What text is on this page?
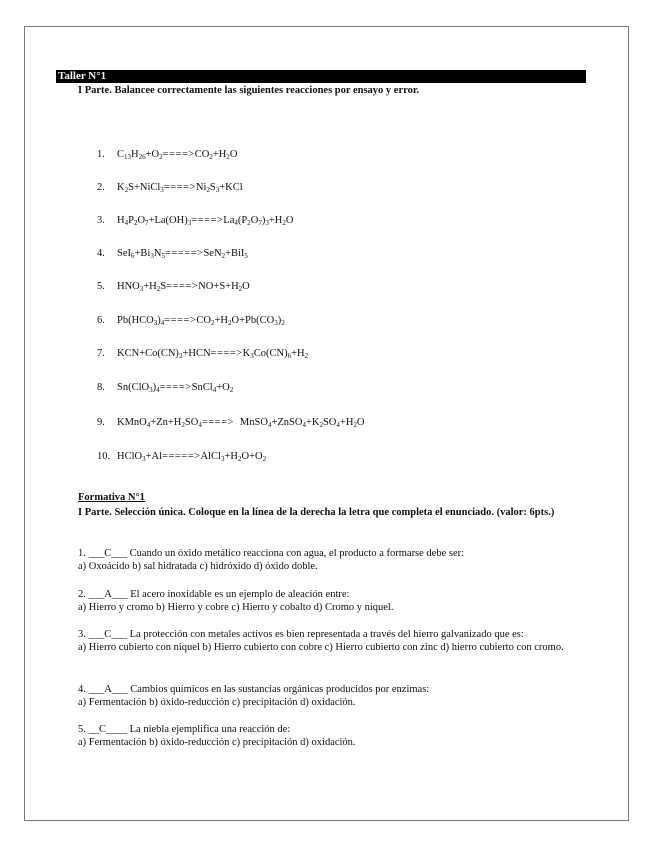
Taller N°1
I Parte. Balancee correctamente las siguientes reacciones por ensayo y error.
1. $C_{13}H_{26}+O_2====>CO_2+H_2O$
2. $K_2S+NiCl_3====>Ni_2S_3+KCl$
3. $H_4P_2O_7+La(OH)_3====>La_4(P_2O_7)_3+H_2O$
4. $SeI_6+Bi_3N_5=====>SeN_2+BiI_5$
5. $HNO_3+H_2S====>NO+S+H_2O$
6. $Pb(HCO_3)_4====>CO_2+H_2O+Pb(CO_3)_2$
7. $KCN+Co(CN)_2+HCN====>K_3Co(CN)_6+H_2$
8. $Sn(ClO_3)_4====>SnCl_4+O_2$
9. $KMnO_4+Zn+H_2SO_4====>$ $MnSO_4+ZnSO_4+K_2SO_4+H_2O$
10. $HClO_3+Al=====>AlCl_3+H_2O+O_2$
Formativa N°1
I Parte. Selección única. Coloque en la línea de la derecha la letra que completa el enunciado. (valor: 6pts.)
1. ___C___ Cuando un óxido metálico reacciona con agua, el producto a formarse debe ser:
a) Oxoácido b) sal hidratada c) hidróxido d) óxido doble.
2. ___A___ El acero inoxidable es un ejemplo de aleación entre:
a) Hierro y cromo b) Hierro y cobre c) Hierro y cobalto d) Cromo y níquel.
3. ___C___ La protección con metales activos es bien representada a través del hierro galvanizado que es:
a) Hierro cubierto con níquel b) Hierro cubierto con cobre c) Hierro cubierto con zinc d) hierro cubierto con cromo.
4. ___A___ Cambios químicos en las sustancias orgánicas producidos por enzimas:
a) Fermentación b) óxido-reducción c) precipitación d) oxidación.
5. __C____ La niebla ejemplifica una reacción de:
a) Fermentación b) óxido-reducción c) precipitación d) oxidación.
